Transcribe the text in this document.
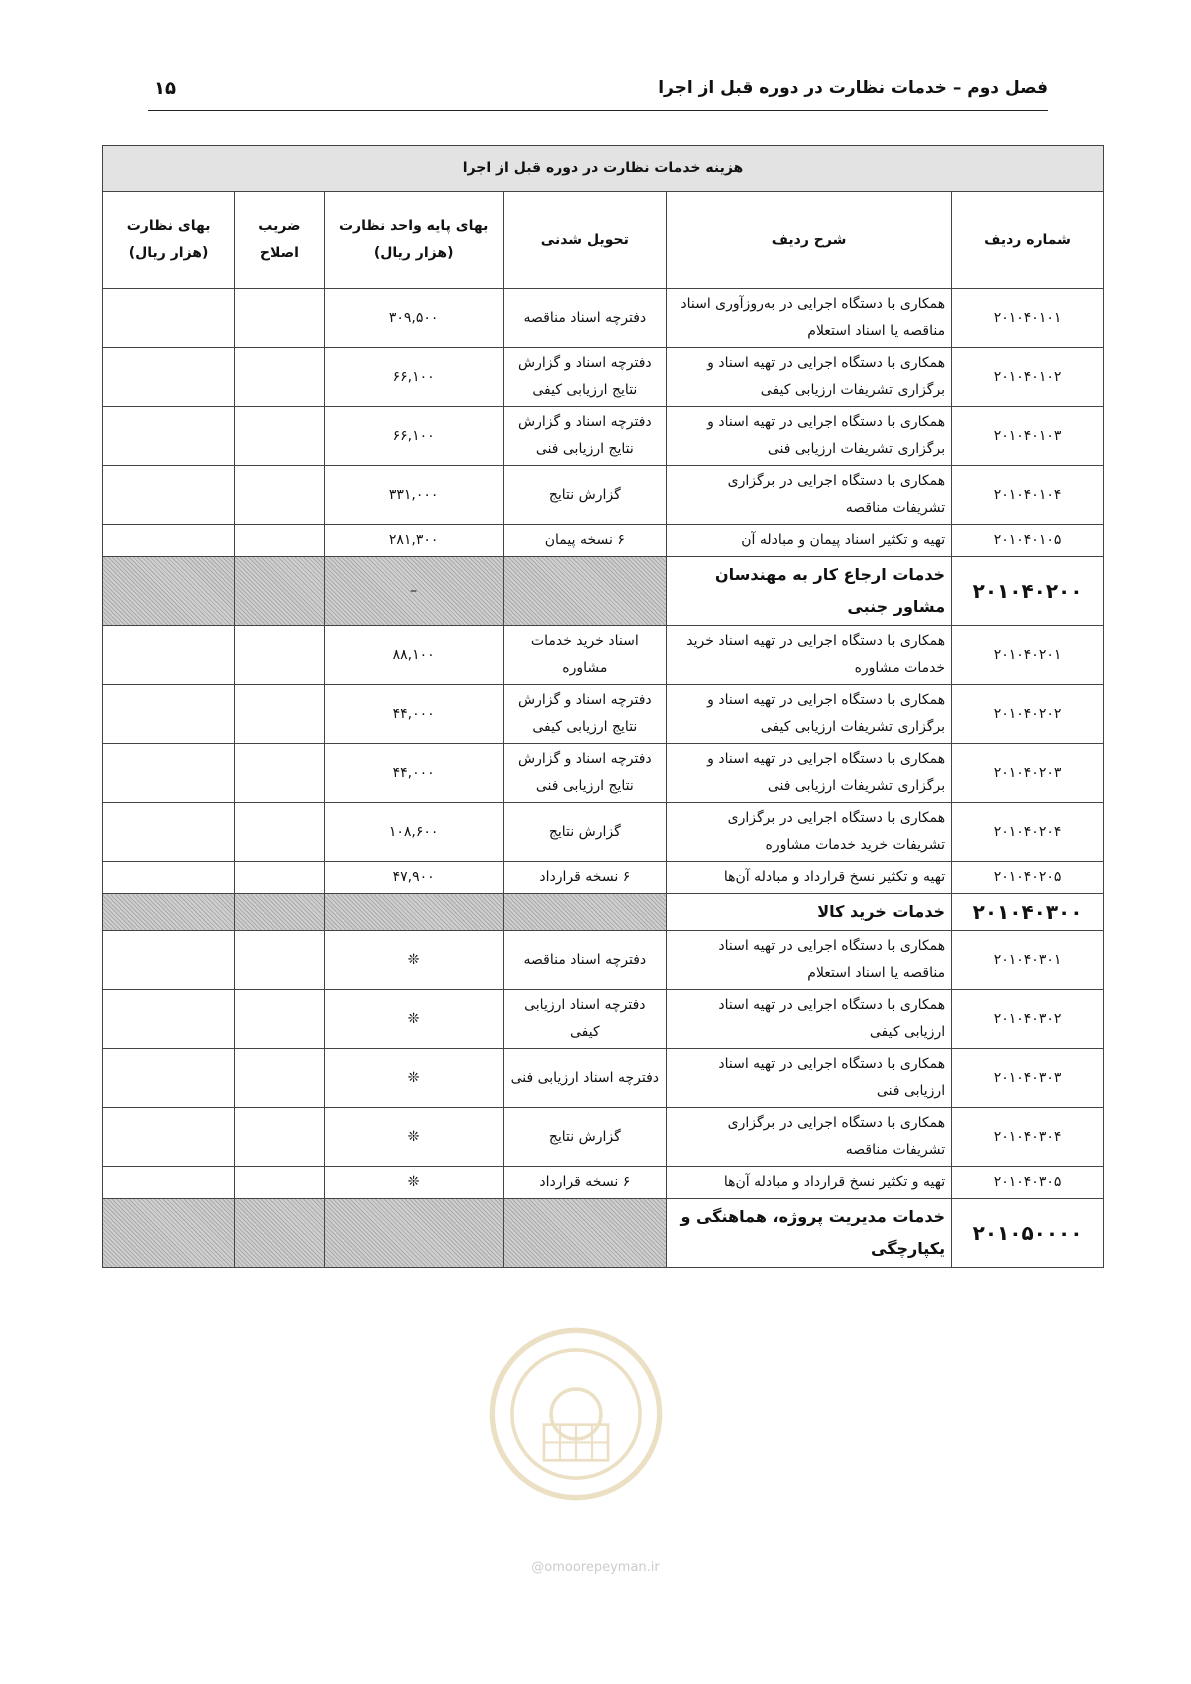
فصل دوم – خدمات نظارت در دوره قبل از اجرا
۱۵
هزینه خدمات نظارت در دوره قبل از اجرا					
شماره ردیف	شرح ردیف	تحویل شدنی	بهای پایه واحد نظارت (هزار ریال)	ضریب اصلاح	بهای نظارت (هزار ریال)
۲۰۱۰۴۰۱۰۱	همکاری با دستگاه اجرایی در به‌روزآوری اسناد مناقصه یا اسناد استعلام	دفترچه اسناد مناقصه	۳۰۹,۵۰۰		
۲۰۱۰۴۰۱۰۲	همکاری با دستگاه اجرایی در تهیه اسناد و برگزاری تشریفات ارزیابی کیفی	دفترچه اسناد و گزارش نتایج ارزیابی کیفی	۶۶,۱۰۰		
۲۰۱۰۴۰۱۰۳	همکاری با دستگاه اجرایی در تهیه اسناد و برگزاری تشریفات ارزیابی فنی	دفترچه اسناد و گزارش نتایج ارزیابی فنی	۶۶,۱۰۰		
۲۰۱۰۴۰۱۰۴	همکاری با دستگاه اجرایی در برگزاری تشریفات مناقصه	گزارش نتایج	۳۳۱,۰۰۰		
۲۰۱۰۴۰۱۰۵	تهیه و تکثیر اسناد پیمان و مبادله آن	۶ نسخه پیمان	۲۸۱,۳۰۰		
۲۰۱۰۴۰۲۰۰	خدمات ارجاع کار به مهندسان مشاور جنبی		–		
۲۰۱۰۴۰۲۰۱	همکاری با دستگاه اجرایی در تهیه اسناد خرید خدمات مشاوره	اسناد خرید خدمات مشاوره	۸۸,۱۰۰		
۲۰۱۰۴۰۲۰۲	همکاری با دستگاه اجرایی در تهیه اسناد و برگزاری تشریفات ارزیابی کیفی	دفترچه اسناد و گزارش نتایج ارزیابی کیفی	۴۴,۰۰۰		
۲۰۱۰۴۰۲۰۳	همکاری با دستگاه اجرایی در تهیه اسناد و برگزاری تشریفات ارزیابی فنی	دفترچه اسناد و گزارش نتایج ارزیابی فنی	۴۴,۰۰۰		
۲۰۱۰۴۰۲۰۴	همکاری با دستگاه اجرایی در برگزاری تشریفات خرید خدمات مشاوره	گزارش نتایج	۱۰۸,۶۰۰		
۲۰۱۰۴۰۲۰۵	تهیه و تکثیر نسخ قرارداد و مبادله آن‌ها	۶ نسخه قرارداد	۴۷,۹۰۰		
۲۰۱۰۴۰۳۰۰	خدمات خرید کالا				
۲۰۱۰۴۰۳۰۱	همکاری با دستگاه اجرایی در تهیه اسناد مناقصه یا اسناد استعلام	دفترچه اسناد مناقصه	❊		
۲۰۱۰۴۰۳۰۲	همکاری با دستگاه اجرایی در تهیه اسناد ارزیابی کیفی	دفترچه اسناد ارزیابی کیفی	❊		
۲۰۱۰۴۰۳۰۳	همکاری با دستگاه اجرایی در تهیه اسناد ارزیابی فنی	دفترچه اسناد ارزیابی فنی	❊		
۲۰۱۰۴۰۳۰۴	همکاری با دستگاه اجرایی در برگزاری تشریفات مناقصه	گزارش نتایج	❊		
۲۰۱۰۴۰۳۰۵	تهیه و تکثیر نسخ قرارداد و مبادله آن‌ها	۶ نسخه قرارداد	❊		
۲۰۱۰۵۰۰۰۰	خدمات مدیریت پروژه، هماهنگی و یکپارچگی				
@omoorepeyman.ir
